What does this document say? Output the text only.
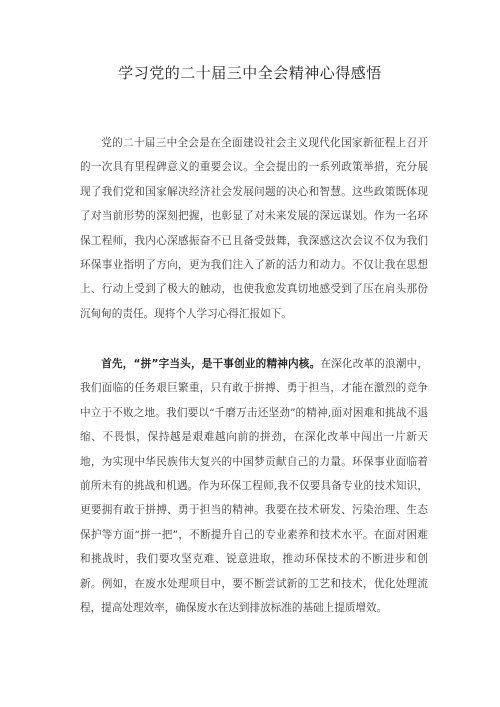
学习党的二十届三中全会精神心得感悟

党的二十届三中全会是在全面建设社会主义现代化国家新征程上召开的一次具有里程碑意义的重要会议。全会提出的一系列政策举措，充分展现了我们党和国家解决经济社会发展问题的决心和智慧。这些政策既体现了对当前形势的深刻把握，也彰显了对未来发展的深远谋划。作为一名环保工程师，我内心深感振奋不已且备受鼓舞，我深感这次会议不仅为我们环保事业指明了方向，更为我们注入了新的活力和动力。不仅让我在思想上、行动上受到了极大的触动，也使我愈发真切地感受到了压在肩头那份沉甸甸的责任。现将个人学习心得汇报如下。

首先，“拼”字当头，是干事创业的精神内核。在深化改革的浪潮中，我们面临的任务艰巨繁重，只有敢于拼搏、勇于担当，才能在激烈的竞争中立于不败之地。我们要以“千磨万击还坚劲”的精神,面对困难和挑战不退缩、不畏惧，保持越是艰难越向前的拼劲，在深化改革中闯出一片新天地，为实现中华民族伟大复兴的中国梦贡献自己的力量。环保事业面临着前所未有的挑战和机遇。作为环保工程师,我不仅要具备专业的技术知识，更要拥有敢于拼搏、勇于担当的精神。我要在技术研发、污染治理、生态保护等方面“拼一把”，不断提升自己的专业素养和技术水平。在面对困难和挑战时，我们要攻坚克难、锐意进取，推动环保技术的不断进步和创新。例如，在废水处理项目中，要不断尝试新的工艺和技术，优化处理流程，提高处理效率，确保废水在达到排放标准的基础上提质增效。
